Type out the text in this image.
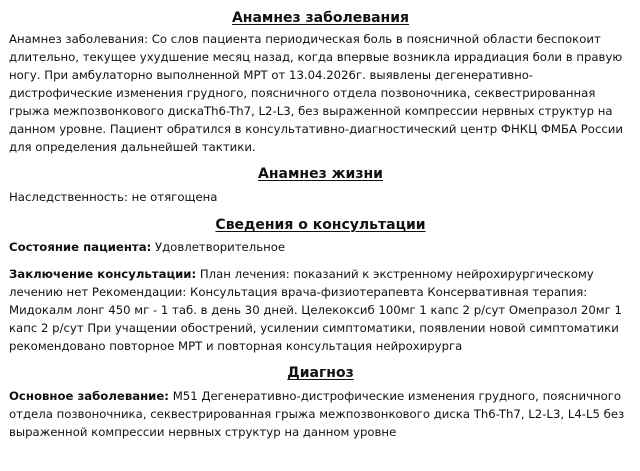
Анамнез заболевания

Анамнез заболевания: Со слов пациента периодическая боль в поясничной области беспокоит длительно, текущее ухудшение месяц назад, когда впервые возникла иррадиация боли в правую ногу. При амбулаторно выполненной МРТ от 13.04.2026г. выявлены дегенеративно-дистрофические изменения грудного, поясничного отдела позвоночника, секвестрированная грыжа межпозвонкового дискаTh6-Th7, L2-L3, без выраженной компрессии нервных структур на данном уровне. Пациент обратился в консультативно-диагностический центр ФНКЦ ФМБА России для определения дальнейшей тактики.

Анамнез жизни

Наследственность: не отягощена

Сведения о консультации

Состояние пациента: Удовлетворительное

Заключение консультации: План лечения: показаний к экстренному нейрохирургическому лечению нет Рекомендации: Консультация врача-физиотерапевта Консервативная терапия: Мидокалм лонг 450 мг - 1 таб. в день 30 дней. Целекоксиб 100мг 1 капс 2 р/сут Омепразол 20мг 1 капс 2 р/сут При учащении обострений, усилении симптоматики, появлении новой симптоматики рекомендовано повторное МРТ и повторная консультация нейрохирурга

Диагноз

Основное заболевание: M51 Дегенеративно-дистрофические изменения грудного, поясничного отдела позвоночника, секвестрированная грыжа межпозвонкового диска Th6-Th7, L2-L3, L4-L5 без выраженной компрессии нервных структур на данном уровне
